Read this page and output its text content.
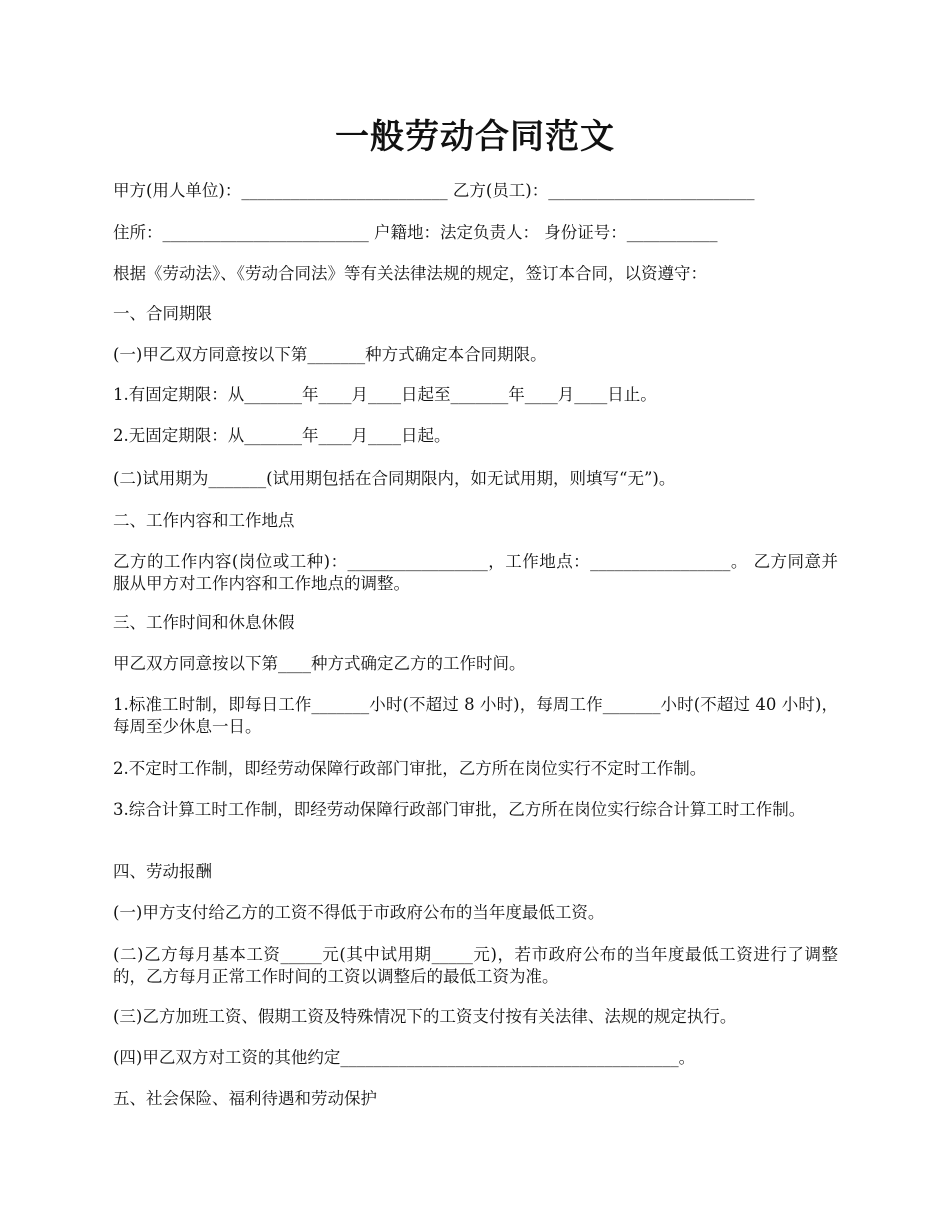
一般劳动合同范文
甲方(用人单位)：_________________________ 乙方(员工)：_________________________
住所：_________________________ 户籍地：法定负责人： 身份证号：___________
根据《劳动法》、《劳动合同法》等有关法律法规的规定，签订本合同，以资遵守：
一、合同期限
(一)甲乙双方同意按以下第_______种方式确定本合同期限。
1.有固定期限：从_______年____月____日起至_______年____月____日止。
2.无固定期限：从_______年____月____日起。
(二)试用期为_______(试用期包括在合同期限内，如无试用期，则填写“无”)。
二、工作内容和工作地点
乙方的工作内容(岗位或工种)：_________________，工作地点：_________________。 乙方同意并服从甲方对工作内容和工作地点的调整。
三、工作时间和休息休假
甲乙双方同意按以下第____种方式确定乙方的工作时间。
1.标准工时制，即每日工作_______小时(不超过 8 小时)，每周工作_______小时(不超过 40 小时)，每周至少休息一日。
2.不定时工作制，即经劳动保障行政部门审批，乙方所在岗位实行不定时工作制。
3.综合计算工时工作制，即经劳动保障行政部门审批，乙方所在岗位实行综合计算工时工作制。
四、劳动报酬
(一)甲方支付给乙方的工资不得低于市政府公布的当年度最低工资。
(二)乙方每月基本工资_____元(其中试用期_____元)，若市政府公布的当年度最低工资进行了调整的，乙方每月正常工作时间的工资以调整后的最低工资为准。
(三)乙方加班工资、假期工资及特殊情况下的工资支付按有关法律、法规的规定执行。
(四)甲乙双方对工资的其他约定_________________________________________。
五、社会保险、福利待遇和劳动保护
